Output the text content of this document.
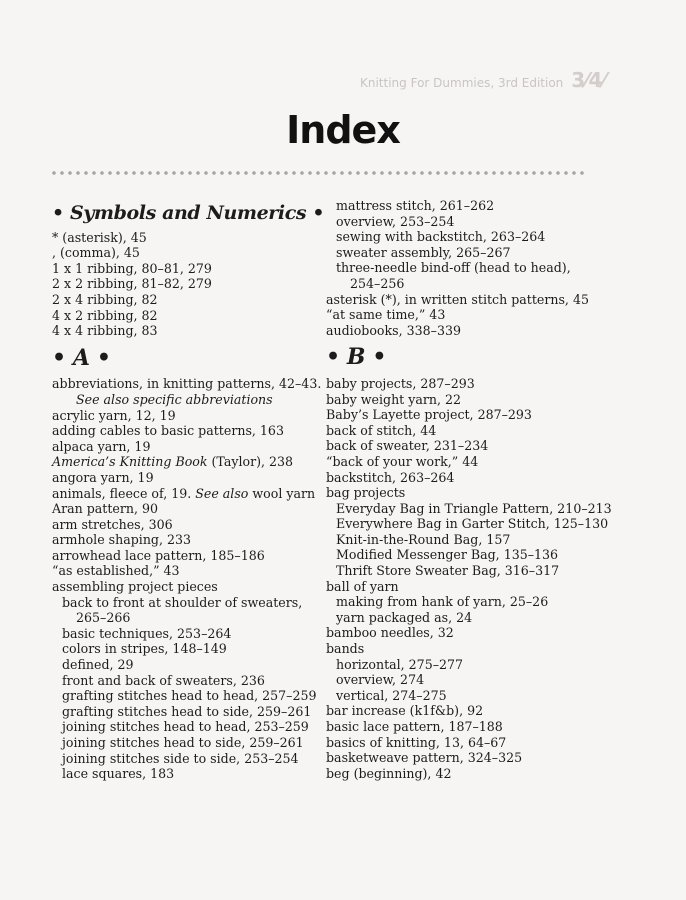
Knitting For Dummies, 3rd Edition 3⁄4⁄
Index
• Symbols and Numerics •
* (asterisk), 45
, (comma), 45
1 x 1 ribbing, 80–81, 279
2 x 2 ribbing, 81–82, 279
2 x 4 ribbing, 82
4 x 2 ribbing, 82
4 x 4 ribbing, 83
• A •
abbreviations, in knitting patterns, 42–43.
See also specific abbreviations
acrylic yarn, 12, 19
adding cables to basic patterns, 163
alpaca yarn, 19
America’s Knitting Book (Taylor), 238
angora yarn, 19
animals, fleece of, 19. See also wool yarn
Aran pattern, 90
arm stretches, 306
armhole shaping, 233
arrowhead lace pattern, 185–186
“as established,” 43
assembling project pieces
back to front at shoulder of sweaters,
265–266
basic techniques, 253–264
colors in stripes, 148–149
defined, 29
front and back of sweaters, 236
grafting stitches head to head, 257–259
grafting stitches head to side, 259–261
joining stitches head to head, 253–259
joining stitches head to side, 259–261
joining stitches side to side, 253–254
lace squares, 183
mattress stitch, 261–262
overview, 253–254
sewing with backstitch, 263–264
sweater assembly, 265–267
three-needle bind-off (head to head),
254–256
asterisk (*), in written stitch patterns, 45
“at same time,” 43
audiobooks, 338–339
• B •
baby projects, 287–293
baby weight yarn, 22
Baby’s Layette project, 287–293
back of stitch, 44
back of sweater, 231–234
“back of your work,” 44
backstitch, 263–264
bag projects
Everyday Bag in Triangle Pattern, 210–213
Everywhere Bag in Garter Stitch, 125–130
Knit-in-the-Round Bag, 157
Modified Messenger Bag, 135–136
Thrift Store Sweater Bag, 316–317
ball of yarn
making from hank of yarn, 25–26
yarn packaged as, 24
bamboo needles, 32
bands
horizontal, 275–277
overview, 274
vertical, 274–275
bar increase (k1f&b), 92
basic lace pattern, 187–188
basics of knitting, 13, 64–67
basketweave pattern, 324–325
beg (beginning), 42
